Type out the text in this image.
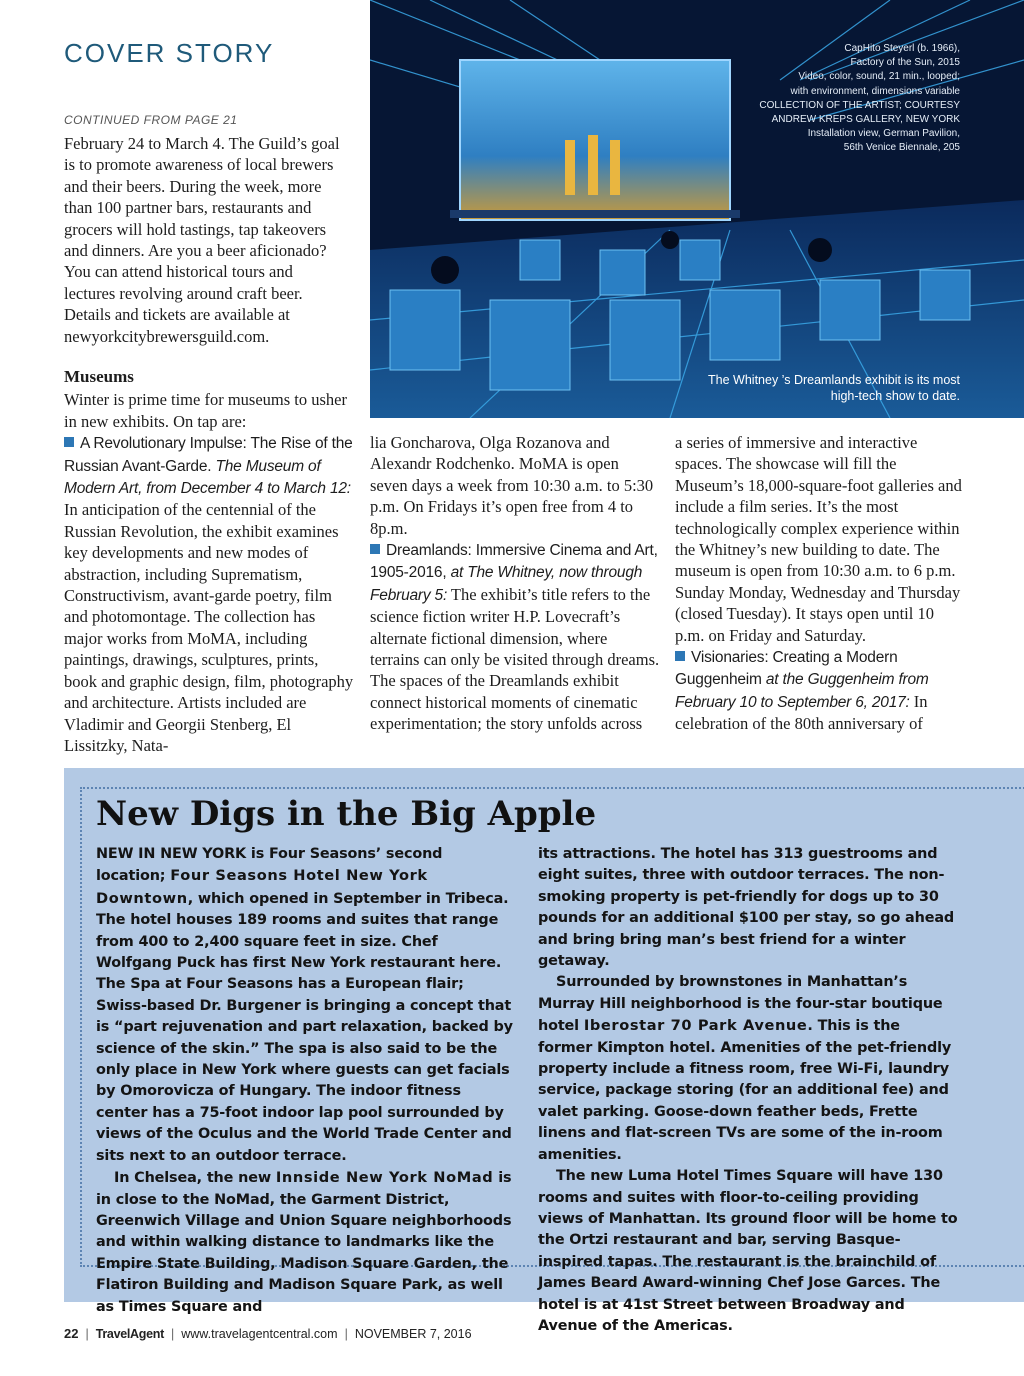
COVER STORY
CONTINUED FROM PAGE 21

February 24 to March 4. The Guild’s goal is to promote awareness of local brewers and their beers. During the week, more than 100 partner bars, restaurants and grocers will hold tastings, tap takeovers and dinners. Are you a beer aficionado? You can attend historical tours and lectures revolving around craft beer. Details and tickets are available at newyorkcitybrewersguild.com.

Museums

Winter is prime time for museums to usher in new exhibits. On tap are:

A Revolutionary Impulse: The Rise of the Russian Avant-Garde. The Museum of Modern Art, from December 4 to March 12: In anticipation of the centennial of the Russian Revolution, the exhibit examines key developments and new modes of abstraction, including Suprematism, Constructivism, avant-garde poetry, film and photomontage. The collection has major works from MoMA, including paintings, drawings, sculptures, prints, book and graphic design, film, photography and architecture. Artists included are Vladimir and Georgii Stenberg, El Lissitzky, Nata-

lia Goncharova, Olga Rozanova and Alexandr Rodchenko. MoMA is open seven days a week from 10:30 a.m. to 5:30 p.m. On Fridays it’s open free from 4 to 8p.m.

Dreamlands: Immersive Cinema and Art, 1905-2016, at The Whitney, now through February 5: The exhibit’s title refers to the science fiction writer H.P. Lovecraft’s alternate fictional dimension, where terrains can only be visited through dreams. The spaces of the Dreamlands exhibit connect historical moments of cinematic experimentation; the story unfolds across

a series of immersive and interactive spaces. The showcase will fill the Museum’s 18,000-square-foot galleries and include a film series. It’s the most technologically complex experience within the Whitney’s new building to date. The museum is open from 10:30 a.m. to 6 p.m. Sunday Monday, Wednesday and Thursday (closed Tuesday). It stays open until 10 p.m. on Friday and Saturday.

Visionaries: Creating a Modern Guggenheim at the Guggenheim from February 10 to September 6, 2017: In celebration of the 80th anniversary of

CapHito Steyerl (b. 1966),
Factory of the Sun, 2015
Video, color, sound, 21 min., looped;
with environment, dimensions variable
COLLECTION OF THE ARTIST; COURTESY
ANDREW KREPS GALLERY, NEW YORK
Installation view, German Pavilion,
56th Venice Biennale, 205
The Whitney ’s Dreamlands exhibit is its most high-tech show to date.
New Digs in the Big Apple

NEW IN NEW YORK is Four Seasons’ second location; Four Seasons Hotel New York Downtown, which opened in September in Tribeca. The hotel houses 189 rooms and suites that range from 400 to 2,400 square feet in size. Chef Wolfgang Puck has first New York restaurant here. The Spa at Four Seasons has a European flair; Swiss-based Dr. Burgener is bringing a concept that is “part rejuvenation and part relaxation, backed by science of the skin.” The spa is also said to be the only place in New York where guests can get facials by Omorovicza of Hungary. The indoor fitness center has a 75-foot indoor lap pool surrounded by views of the Oculus and the World Trade Center and sits next to an outdoor terrace.

In Chelsea, the new Innside New York NoMad is in close to the NoMad, the Garment District, Greenwich Village and Union Square neighborhoods and within walking distance to landmarks like the Empire State Building, Madison Square Garden, the Flatiron Building and Madison Square Park, as well as Times Square and

its attractions. The hotel has 313 guestrooms and eight suites, three with outdoor terraces. The non-smoking property is pet-friendly for dogs up to 30 pounds for an additional $100 per stay, so go ahead and bring bring man’s best friend for a winter getaway.

Surrounded by brownstones in Manhattan’s Murray Hill neighborhood is the four-star boutique hotel Iberostar 70 Park Avenue. This is the former Kimpton hotel. Amenities of the pet-friendly property include a fitness room, free Wi-Fi, laundry service, package storing (for an additional fee) and valet parking. Goose-down feather beds, Frette linens and flat-screen TVs are some of the in-room amenities.

The new Luma Hotel Times Square will have 130 rooms and suites with floor-to-ceiling providing views of Manhattan. Its ground floor will be home to the Ortzi restaurant and bar, serving Basque-inspired tapas. The restaurant is the brainchild of James Beard Award-winning Chef Jose Garces. The hotel is at 41st Street between Broadway and Avenue of the Americas.

22 | TravelAgent | www.travelagentcentral.com | NOVEMBER 7, 2016
